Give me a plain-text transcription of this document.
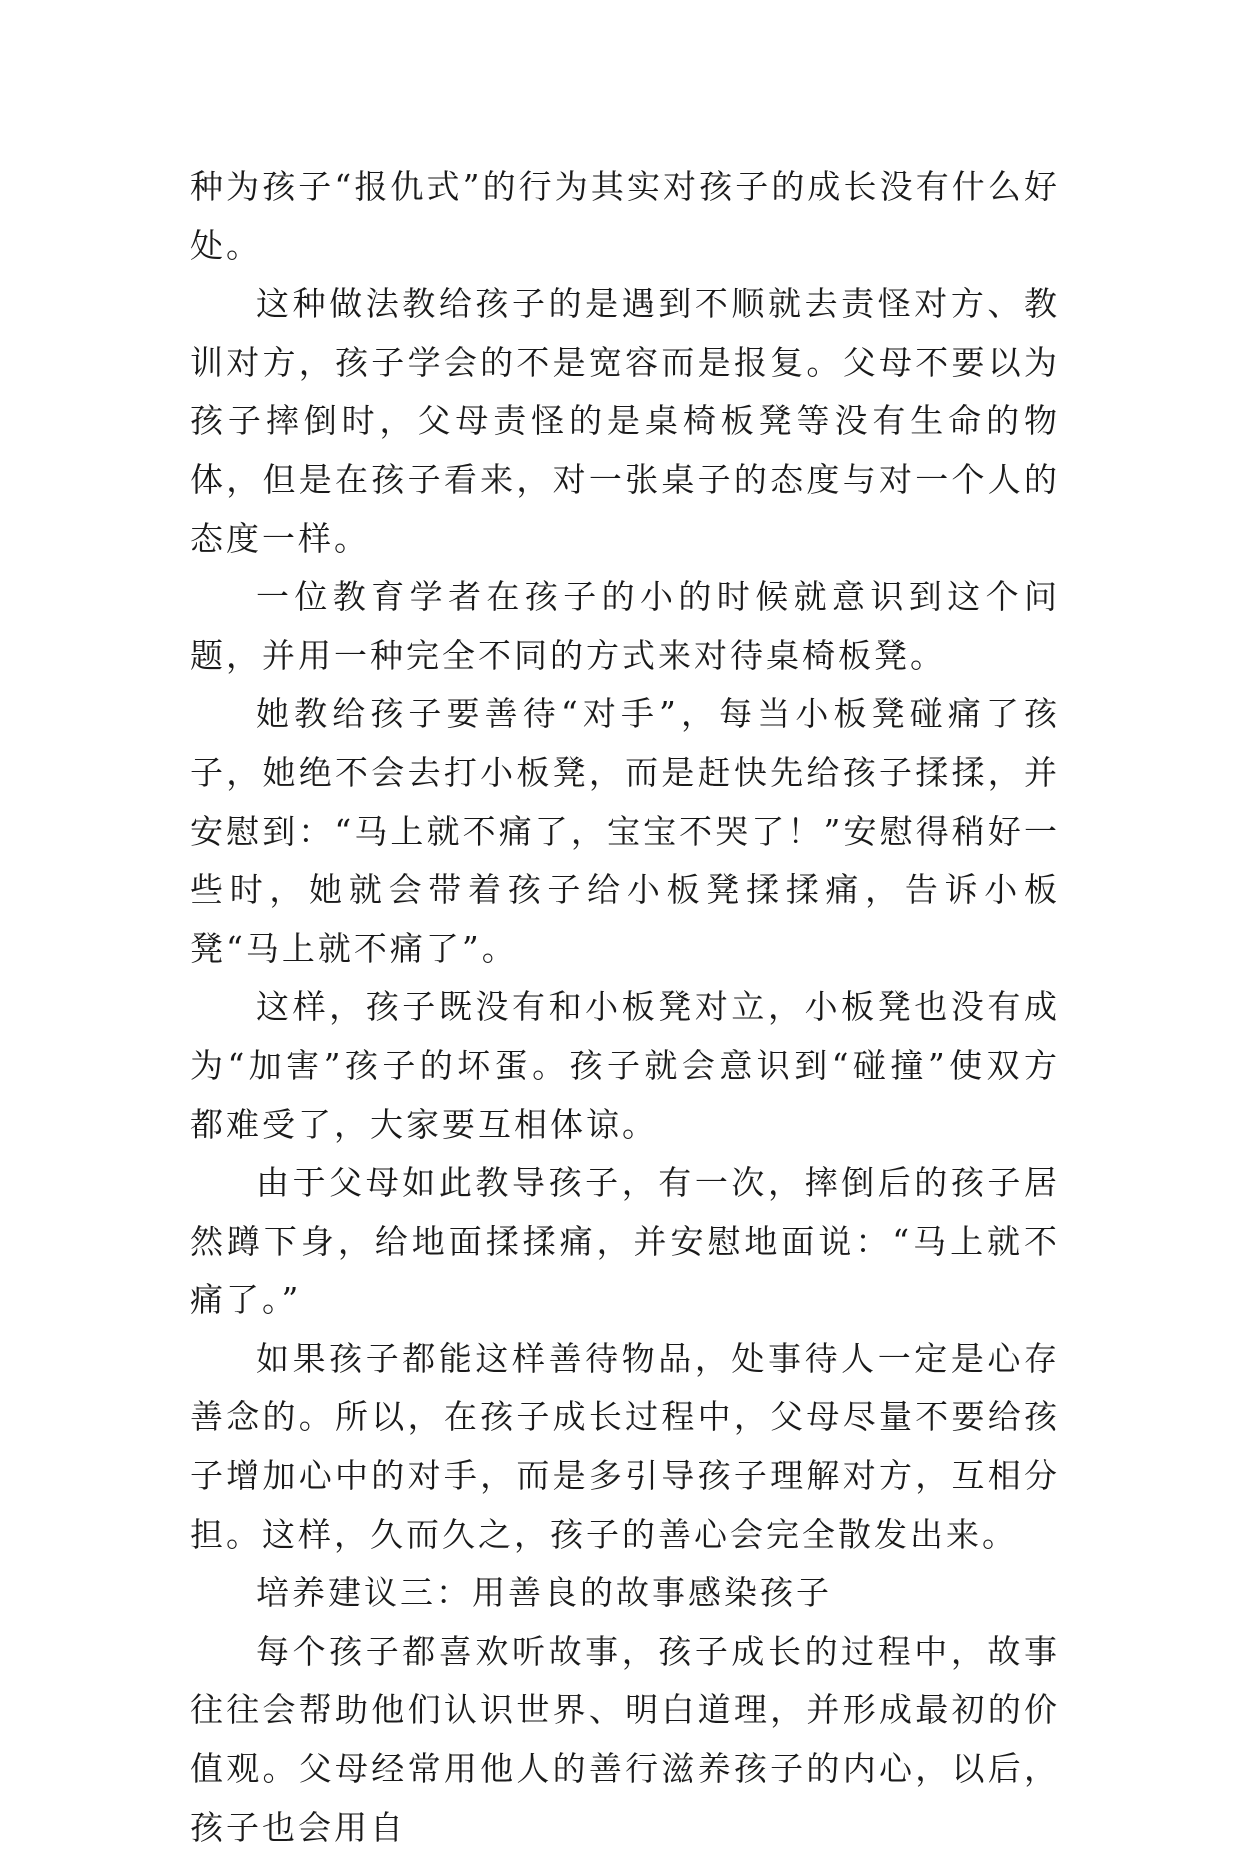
种为孩子“报仇式”的行为其实对孩子的成长没有什么好处。

这种做法教给孩子的是遇到不顺就去责怪对方、教训对方，孩子学会的不是宽容而是报复。父母不要以为孩子摔倒时，父母责怪的是桌椅板凳等没有生命的物体，但是在孩子看来，对一张桌子的态度与对一个人的态度一样。

一位教育学者在孩子的小的时候就意识到这个问题，并用一种完全不同的方式来对待桌椅板凳。

她教给孩子要善待“对手”，每当小板凳碰痛了孩子，她绝不会去打小板凳，而是赶快先给孩子揉揉，并安慰到：“马上就不痛了，宝宝不哭了！”安慰得稍好一些时，她就会带着孩子给小板凳揉揉痛，告诉小板凳“马上就不痛了”。

这样，孩子既没有和小板凳对立，小板凳也没有成为“加害”孩子的坏蛋。孩子就会意识到“碰撞”使双方都难受了，大家要互相体谅。

由于父母如此教导孩子，有一次，摔倒后的孩子居然蹲下身，给地面揉揉痛，并安慰地面说：“马上就不痛了。”

如果孩子都能这样善待物品，处事待人一定是心存善念的。所以，在孩子成长过程中，父母尽量不要给孩子增加心中的对手，而是多引导孩子理解对方，互相分担。这样，久而久之，孩子的善心会完全散发出来。

培养建议三：用善良的故事感染孩子

每个孩子都喜欢听故事，孩子成长的过程中，故事往往会帮助他们认识世界、明白道理，并形成最初的价值观。父母经常用他人的善行滋养孩子的内心，以后，孩子也会用自
